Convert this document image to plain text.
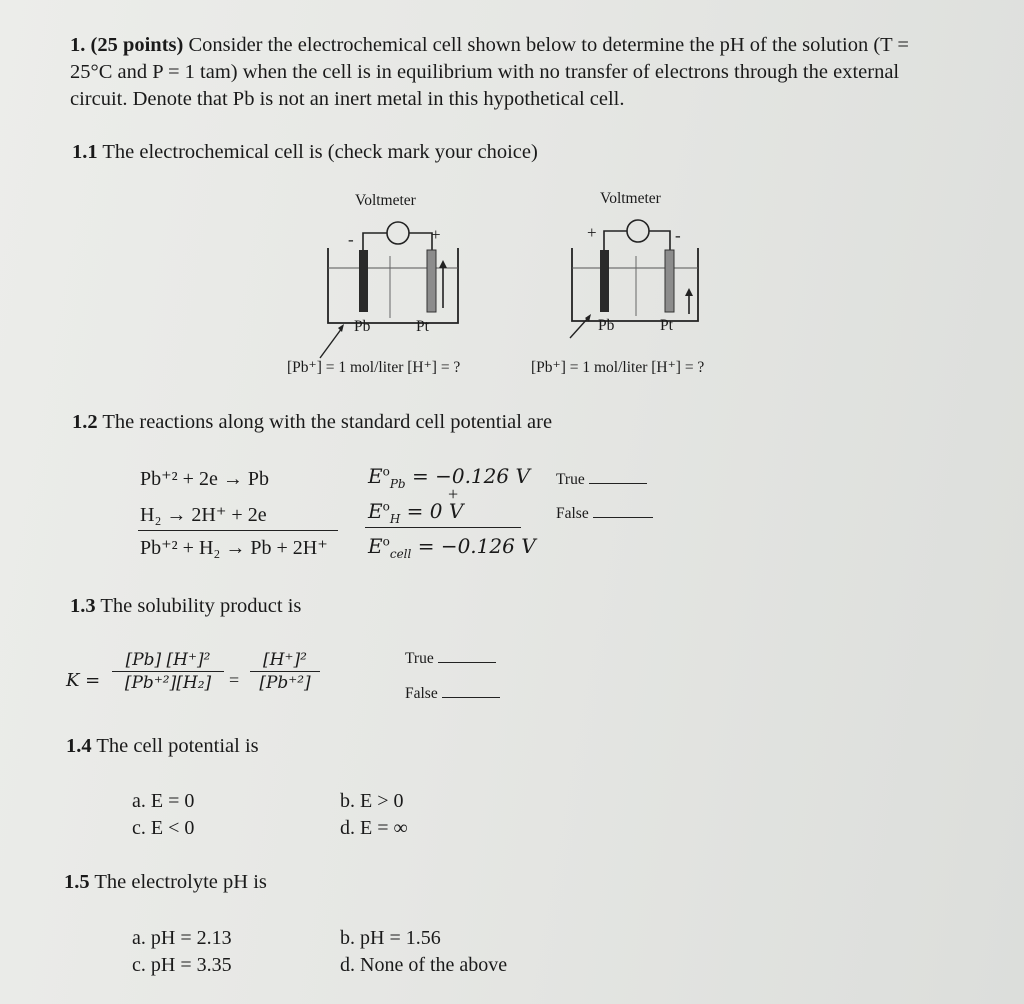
1. (25 points) Consider the electrochemical cell shown below to determine the pH of the solution (T = 25°C and P = 1 tam) when the cell is in equilibrium with no transfer of electrons through the external circuit. Denote that Pb is not an inert metal in this hypothetical cell.
1.1 The electrochemical cell is (check mark your choice)
Voltmeter
-	+
Pb	Pt
[Pb⁺] = 1 mol/liter [H⁺] = ?
Voltmeter
+	-
Pb	Pt
[Pb⁺] = 1 mol/liter [H⁺] = ?
1.2 The reactions along with the standard cell potential are
Pb⁺² + 2e → Pb
H₂ → 2H⁺ + 2e
Pb⁺² + H₂ → Pb + 2H⁺
$E^o_{Pb} = -0.126$ V
+
$E^o_H = 0$ V
$E^o_{cell} = -0.126$ V
True
False
1.3 The solubility product is
K =
[Pb] [H⁺]²
[Pb⁺²][H₂] =
[H⁺]²
[Pb⁺²]
True
False
1.4 The cell potential is
a. E = 0	b. E > 0
c. E < 0	d. E = ∞
1.5 The electrolyte pH is
a. pH = 2.13	b. pH = 1.56
c. pH = 3.35	d. None of the above
